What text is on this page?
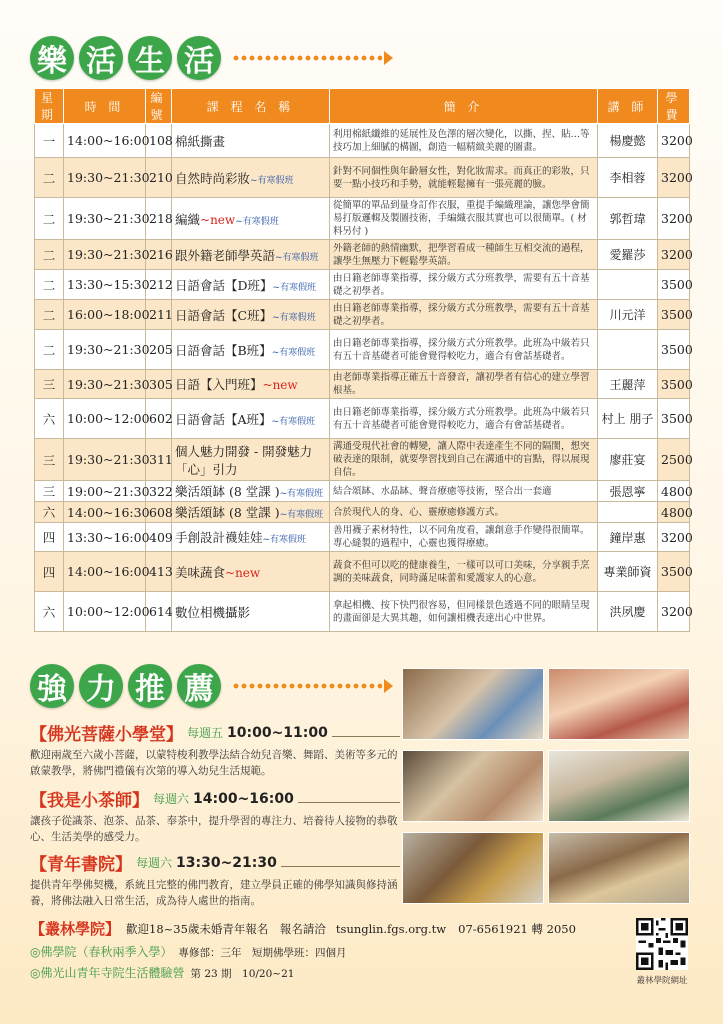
樂 活 生 活
星期	時 間	編號	課 程 名 稱	簡 介	講 師	學費
一	14:00~16:00	108	棉紙撕畫	利用棉紙纖維的延展性及色澤的層次變化，以撕、捏、貼…等技巧加上細膩的構圖，創造一幅精緻美麗的圖畫。	楊慶懿	3200
二	19:30~21:30	210	自然時尚彩妝~有寒假班	針對不同個性與年齡層女性，對化妝需求。而真正的彩妝，只要一點小技巧和手勢，就能輕鬆擁有一張亮麗的臉。	李相蓉	3200
二	19:30~21:30	218	編織~new~有寒假班	從簡單的單品到量身訂作衣服，重提手編織理論，讓您學會簡易打版邏輯及製圖技術，手編織衣服其實也可以很簡單。( 材料另付 )	郭哲瑋	3200
二	19:30~21:30	216	跟外籍老師學英語~有寒假班	外籍老師的熱情幽默，把學習看成一種師生互相交流的過程，讓學生無壓力下輕鬆學英語。	愛羅莎	3200
二	13:30~15:30	212	日語會話【D班】~有寒假班	由日籍老師專業指導，採分級方式分班教學，需要有五十音基礎之初學者。		3500
二	16:00~18:00	211	日語會話【C班】~有寒假班	由日籍老師專業指導，採分級方式分班教學，需要有五十音基礎之初學者。	川元洋	3500
二	19:30~21:30	205	日語會話【B班】~有寒假班	由日籍老師專業指導，採分級方式分班教學。此班為中級若只有五十音基礎者可能會覺得較吃力，適合有會話基礎者。		3500
三	19:30~21:30	305	日語【入門班】~new	由老師專業指導正確五十音發音，讓初學者有信心的建立學習根基。	王麗萍	3500
六	10:00~12:00	602	日語會話【A班】~有寒假班	由日籍老師專業指導，採分級方式分班教學。此班為中級若只有五十音基礎者可能會覺得較吃力，適合有會話基礎者。	村上 朋子	3500
三	19:30~21:30	311	個人魅力開發 - 開發魅力「心」引力	溝通受現代社會的轉變，讓人際中表達產生不同的隔閡，想突破表達的限制，就要學習找到自己在溝通中的盲點，得以展現自信。	廖莊宴	2500
三	19:00~21:30	322	樂活頌缽 (8 堂課 )~有寒假班	結合頌缽、水晶缽、聲音療癒等技術，堅合出一套適	張恩寧	4800
六	14:00~16:30	608	樂活頌缽 (8 堂課 )~有寒假班	合於現代人的身、心、靈療癒修護方式。		4800
四	13:30~16:00	409	手創設計襪娃娃~有寒假班	善用襪子素材特性，以不同角度看，讓創意手作變得很簡單。專心縫製的過程中，心靈也獲得療癒。	鐘岸惠	3200
四	14:00~16:00	413	美味蔬食~new	蔬食不但可以吃的健康養生，一樣可以可口美味，分享親手烹調的美味蔬食，同時滿足味蕾和愛護家人的心意。	專業師資	3500
六	10:00~12:00	614	數位相機攝影	拿起相機、按下快門很容易，但同樣景色透過不同的眼睛呈現的畫面卻是大異其趣，如何讓相機表達出心中世界。	洪夙慶	3200
強 力 推 薦
【佛光菩薩小學堂】 每週五 10:00~11:00
歡迎兩歲至六歲小菩薩，以蒙特梭利教學法結合幼兒音樂、舞蹈、美術等多元的啟蒙教學，將佛門禮儀有次第的導入幼兒生活規範。
【我是小茶師】 每週六 14:00~16:00
讓孩子從識茶、泡茶、品茶、奉茶中，提升學習的專注力、培養待人接物的恭敬心、生活美學的感受力。
【青年書院】 每週六 13:30~21:30
提供青年學佛契機，系統且完整的佛門教育，建立學員正確的佛學知識與修持涵養，將佛法融入日常生活，成為待人處世的指南。
【叢林學院】 歡迎18~35歲未婚青年報名　報名請洽 tsunglin.fgs.org.tw 07-6561921 轉 2050
◎佛學院（春秋兩季入學） 專修部：三年　短期佛學班：四個月
◎佛光山青年寺院生活體驗營 第 23 期　10/20~21
叢林學院網址
